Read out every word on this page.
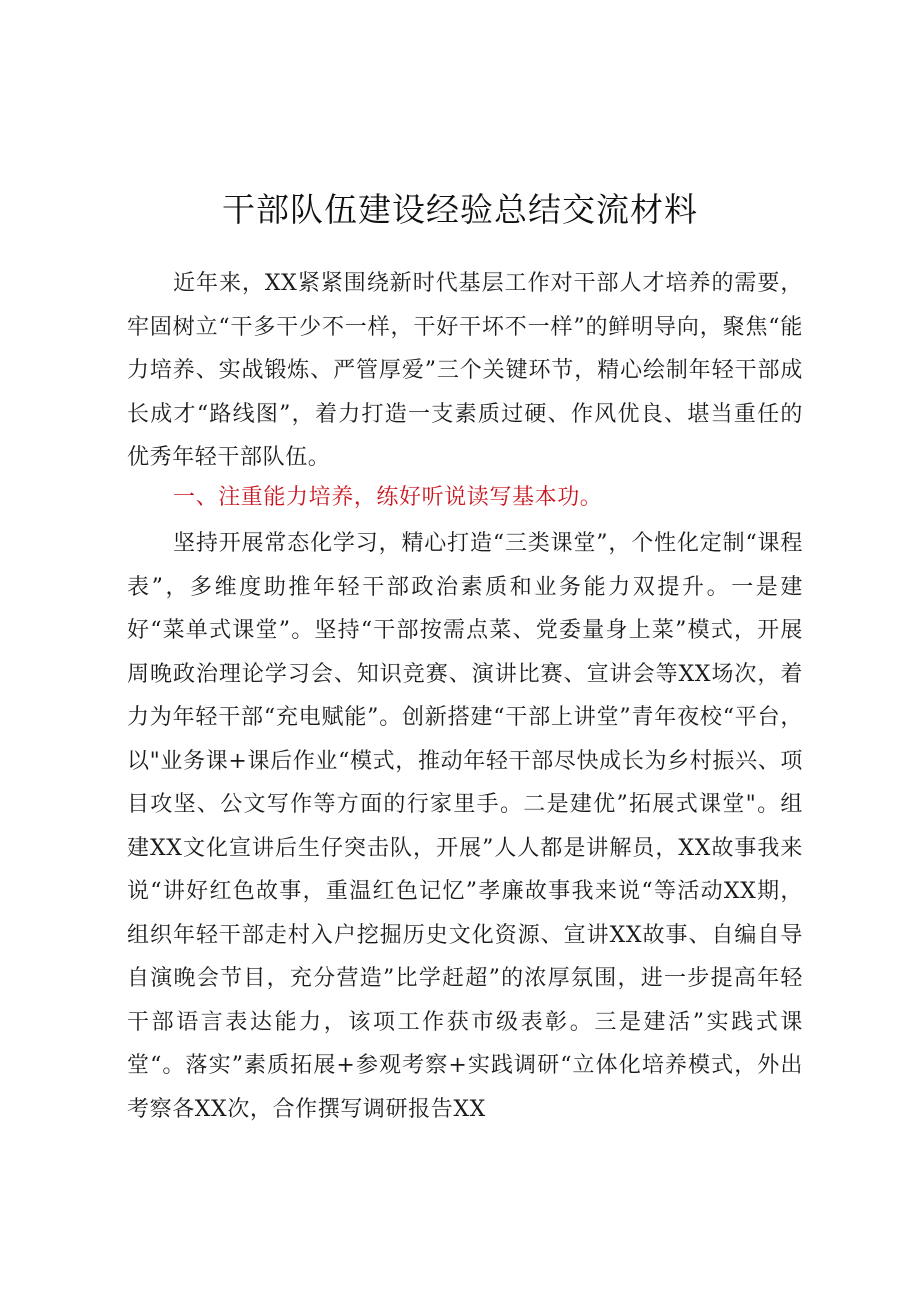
干部队伍建设经验总结交流材料

近年来，XX紧紧围绕新时代基层工作对干部人才培养的需要，牢固树立“干多干少不一样，干好干坏不一样”的鲜明导向，聚焦“能力培养、实战锻炼、严管厚爱”三个关键环节，精心绘制年轻干部成长成才“路线图”，着力打造一支素质过硬、作风优良、堪当重任的优秀年轻干部队伍。

一、注重能力培养，练好听说读写基本功。

坚持开展常态化学习，精心打造“三类课堂”，个性化定制“课程表”，多维度助推年轻干部政治素质和业务能力双提升。一是建好“菜单式课堂”。坚持“干部按需点菜、党委量身上菜”模式，开展周晚政治理论学习会、知识竞赛、演讲比赛、宣讲会等XX场次，着力为年轻干部“充电赋能”。创新搭建“干部上讲堂”青年夜校“平台，以"业务课+课后作业“模式，推动年轻干部尽快成长为乡村振兴、项目攻坚、公文写作等方面的行家里手。二是建优”拓展式课堂"。组建XX文化宣讲后生仔突击队，开展”人人都是讲解员，XX故事我来说“讲好红色故事，重温红色记忆”孝廉故事我来说“等活动XX期，组织年轻干部走村入户挖掘历史文化资源、宣讲XX故事、自编自导自演晚会节目，充分营造”比学赶超”的浓厚氛围，进一步提高年轻干部语言表达能力，该项工作获市级表彰。三是建活”实践式课堂“。落实”素质拓展+参观考察+实践调研“立体化培养模式，外出考察各XX次，合作撰写调研报告XX
